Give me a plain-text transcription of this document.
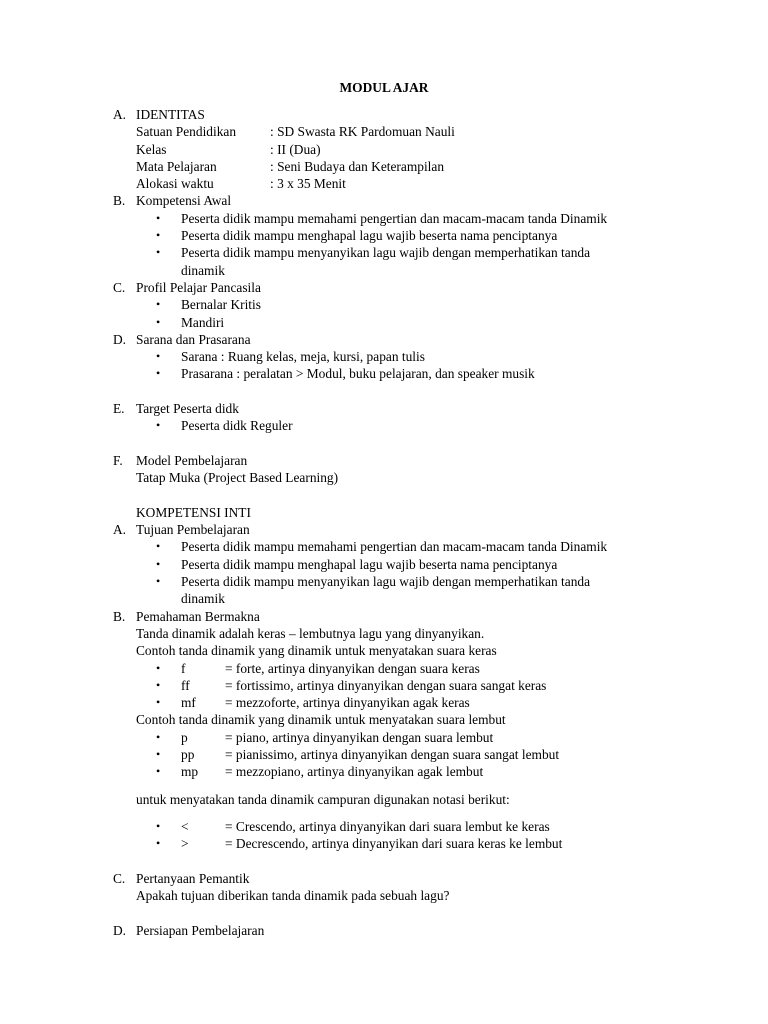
MODUL AJAR
A. IDENTITAS
Satuan Pendidikan	: SD Swasta RK Pardomuan Nauli
Kelas	: II (Dua)
Mata Pelajaran	: Seni Budaya dan Keterampilan
Alokasi waktu	: 3 x 35 Menit
B. Kompetensi Awal
• Peserta didik mampu memahami pengertian dan macam-macam tanda Dinamik
• Peserta didik mampu menghapal lagu wajib beserta nama penciptanya
• Peserta didik mampu menyanyikan lagu wajib dengan memperhatikan tanda
dinamik
C. Profil Pelajar Pancasila
• Bernalar Kritis
• Mandiri
D. Sarana dan Prasarana
• Sarana : Ruang kelas, meja, kursi, papan tulis
• Prasarana : peralatan > Modul, buku pelajaran, dan speaker musik
E. Target Peserta didk
• Peserta didk Reguler
F. Model Pembelajaran
Tatap Muka (Project Based Learning)
KOMPETENSI INTI
A. Tujuan Pembelajaran
• Peserta didik mampu memahami pengertian dan macam-macam tanda Dinamik
• Peserta didik mampu menghapal lagu wajib beserta nama penciptanya
• Peserta didik mampu menyanyikan lagu wajib dengan memperhatikan tanda
dinamik
B. Pemahaman Bermakna
Tanda dinamik adalah keras – lembutnya lagu yang dinyanyikan.
Contoh tanda dinamik yang dinamik untuk menyatakan suara keras
• f	= forte, artinya dinyanyikan dengan suara keras
• ff	= fortissimo, artinya dinyanyikan dengan suara sangat keras
• mf = mezzoforte, artinya dinyanyikan agak keras
Contoh tanda dinamik yang dinamik untuk menyatakan suara lembut
• p	= piano, artinya dinyanyikan dengan suara lembut
• pp = pianissimo, artinya dinyanyikan dengan suara sangat lembut
• mp = mezzopiano, artinya dinyanyikan agak lembut
untuk menyatakan tanda dinamik campuran digunakan notasi berikut:
• <	= Crescendo, artinya dinyanyikan dari suara lembut ke keras
• >	= Decrescendo, artinya dinyanyikan dari suara keras ke lembut
C. Pertanyaan Pemantik
Apakah tujuan diberikan tanda dinamik pada sebuah lagu?
D. Persiapan Pembelajaran
